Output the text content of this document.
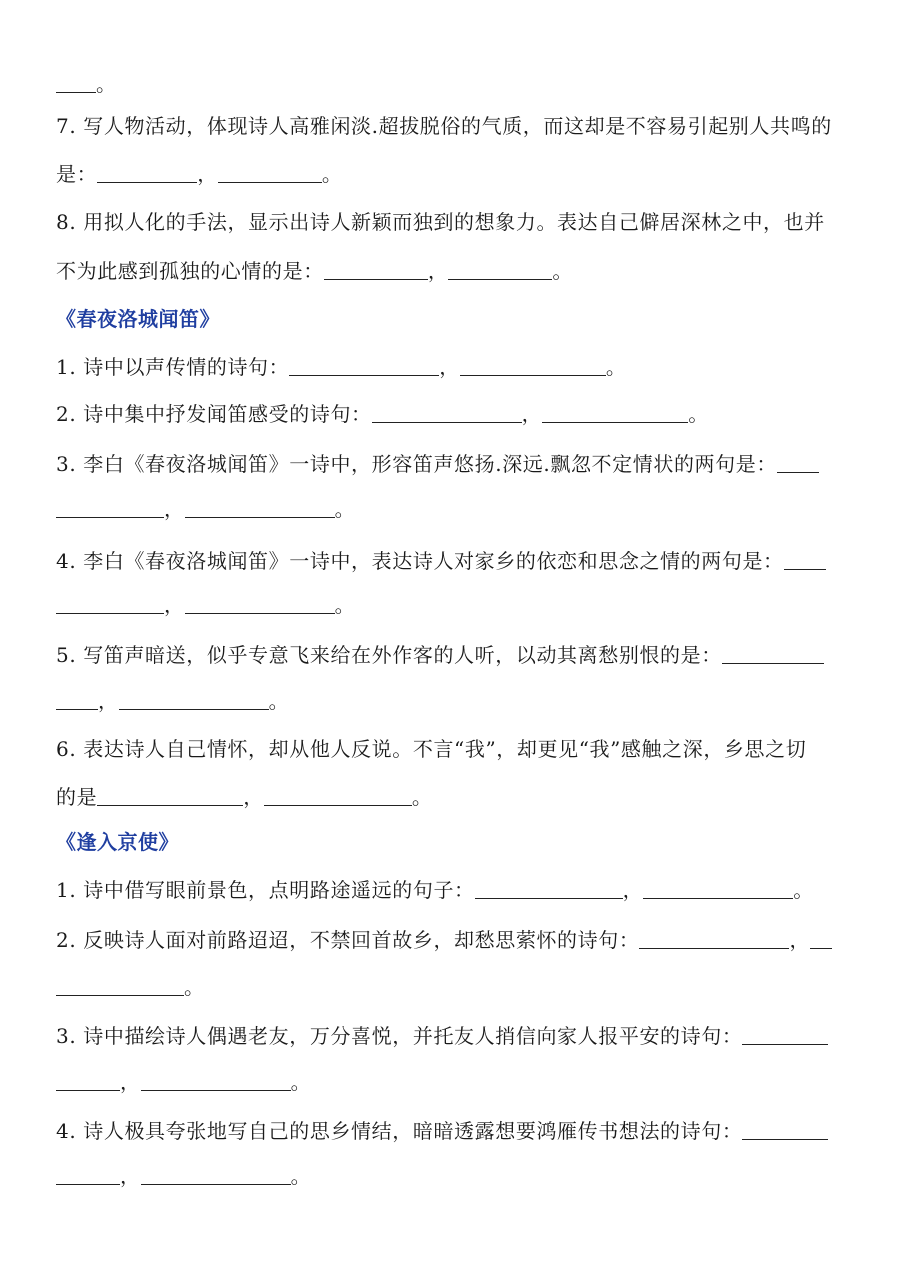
。
7. 写人物活动，体现诗人高雅闲淡.超拔脱俗的气质，而这却是不容易引起别人共鸣的
是：	，	。
8. 用拟人化的手法，显示出诗人新颖而独到的想象力。表达自己僻居深林之中，也并
不为此感到孤独的心情的是：	，	。
《春夜洛城闻笛》
1. 诗中以声传情的诗句：	，	。
2. 诗中集中抒发闻笛感受的诗句：	，	。
3. 李白《春夜洛城闻笛》一诗中，形容笛声悠扬.深远.飘忽不定情状的两句是：
，	。
4. 李白《春夜洛城闻笛》一诗中，表达诗人对家乡的依恋和思念之情的两句是：
，	。
5. 写笛声暗送，似乎专意飞来给在外作客的人听，以动其离愁别恨的是：
，	。
6. 表达诗人自己情怀，却从他人反说。不言“我”，却更见“我”感触之深，乡思之切
的是	，	。
《逢入京使》
1. 诗中借写眼前景色，点明路途遥远的句子：	，	。
2. 反映诗人面对前路迢迢，不禁回首故乡，却愁思萦怀的诗句：	，
。
3. 诗中描绘诗人偶遇老友，万分喜悦，并托友人捎信向家人报平安的诗句：
，	。
4. 诗人极具夸张地写自己的思乡情结，暗暗透露想要鸿雁传书想法的诗句：
，	。
